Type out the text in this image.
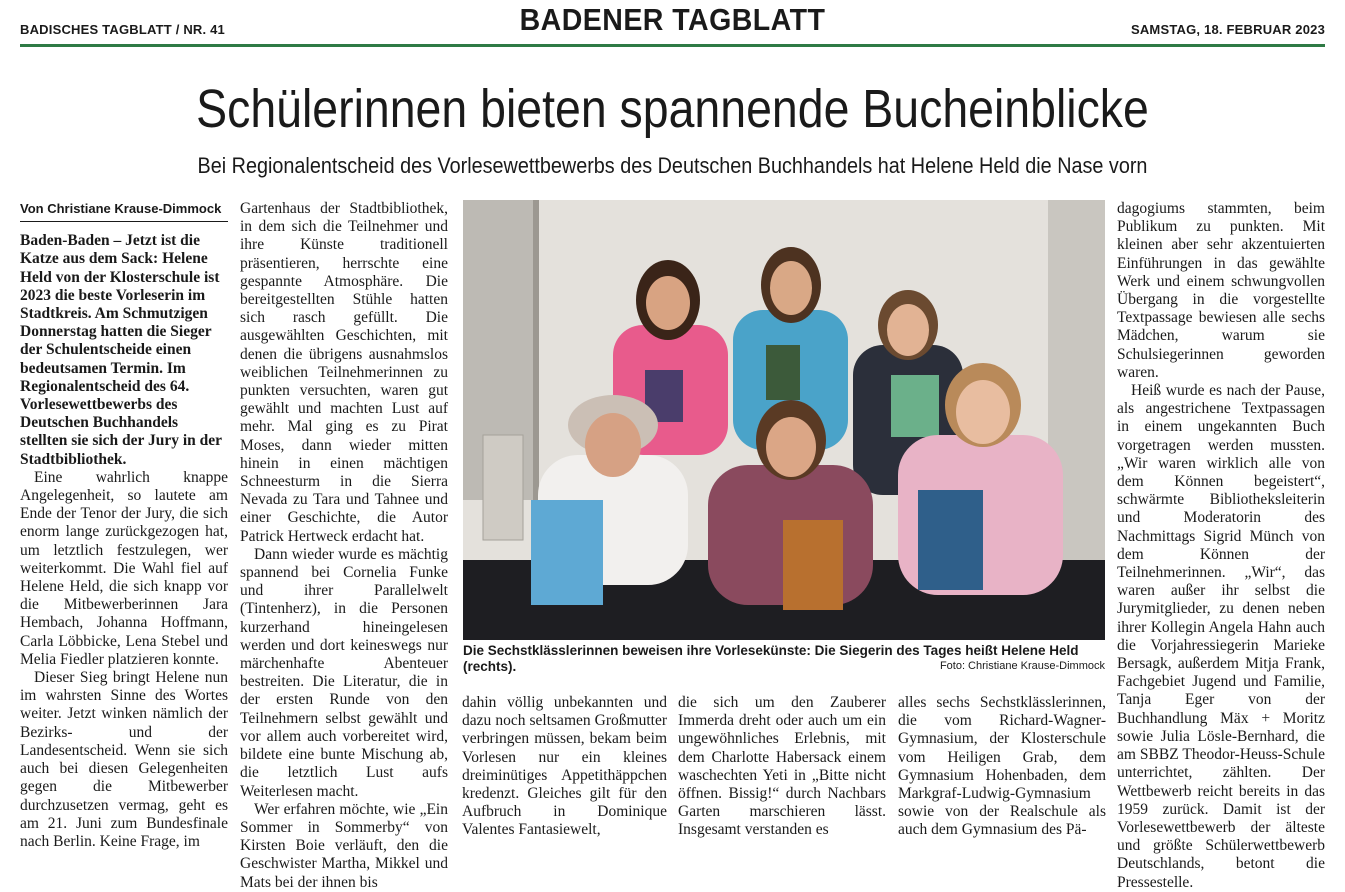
BADISCHES TAGBLATT / NR. 41	BADENER TAGBLATT	SAMSTAG, 18. FEBRUAR 2023
Schülerinnen bieten spannende Bucheinblicke
Bei Regionalentscheid des Vorlesewettbewerbs des Deutschen Buchhandels hat Helene Held die Nase vorn
Von Christiane Krause-Dimmock

Baden-Baden – Jetzt ist die Katze aus dem Sack: Helene Held von der Klosterschule ist 2023 die beste Vorleserin im Stadtkreis. Am Schmutzigen Donnerstag hatten die Sieger der Schulentscheide einen bedeutsamen Termin. Im Regionalentscheid des 64. Vorlesewettbewerbs des Deutschen Buchhandels stellten sie sich der Jury in der Stadtbibliothek.

Eine wahrlich knappe Angelegenheit, so lautete am Ende der Tenor der Jury, die sich enorm lange zurückgezogen hat, um letztlich festzulegen, wer weiterkommt. Die Wahl fiel auf Helene Held, die sich knapp vor die Mitbewerberinnen Jara Hembach, Johanna Hoffmann, Carla Löbbicke, Lena Stebel und Melia Fiedler platzieren konnte.

Dieser Sieg bringt Helene nun im wahrsten Sinne des Wortes weiter. Jetzt winken nämlich der Bezirks- und der Landesentscheid. Wenn sie sich auch bei diesen Gelegenheiten gegen die Mitbewerber durchzusetzen vermag, geht es am 21. Juni zum Bundesfinale nach Berlin. Keine Frage, im

Gartenhaus der Stadtbibliothek, in dem sich die Teilnehmer und ihre Künste traditionell präsentieren, herrschte eine gespannte Atmosphäre. Die bereitgestellten Stühle hatten sich rasch gefüllt. Die ausgewählten Geschichten, mit denen die übrigens ausnahmslos weiblichen Teilnehmerinnen zu punkten versuchten, waren gut gewählt und machten Lust auf mehr. Mal ging es zu Pirat Moses, dann wieder mitten hinein in einen mächtigen Schneesturm in die Sierra Nevada zu Tara und Tahnee und einer Geschichte, die Autor Patrick Hertweck erdacht hat.

Dann wieder wurde es mächtig spannend bei Cornelia Funke und ihrer Parallelwelt (Tintenherz), in die Personen kurzerhand hineingelesen werden und dort keineswegs nur märchenhafte Abenteuer bestreiten. Die Literatur, die in der ersten Runde von den Teilnehmern selbst gewählt und vor allem auch vorbereitet wird, bildete eine bunte Mischung ab, die letztlich Lust aufs Weiterlesen macht.

Wer erfahren möchte, wie „Ein Sommer in Sommerby“ von Kirsten Boie verläuft, den die Geschwister Martha, Mikkel und Mats bei der ihnen bis

Die Sechstklässlerinnen beweisen ihre Vorlesekünste: Die Siegerin des Tages heißt Helene Held (rechts).	Foto: Christiane Krause-Dimmock

dahin völlig unbekannten und dazu noch seltsamen Großmutter verbringen müssen, bekam beim Vorlesen nur ein kleines dreiminütiges Appetithäppchen kredenzt. Gleiches gilt für den Aufbruch in Dominique Valentes Fantasiewelt,

die sich um den Zauberer Immerda dreht oder auch um ein ungewöhnliches Erlebnis, mit dem Charlotte Habersack einem waschechten Yeti in „Bitte nicht öffnen. Bissig!“ durch Nachbars Garten marschieren lässt. Insgesamt verstanden es

alles sechs Sechstklässlerinnen, die vom Richard-Wagner-Gymnasium, der Klosterschule vom Heiligen Grab, dem Gymnasium Hohenbaden, dem Markgraf-Ludwig-Gymnasium sowie von der Realschule als auch dem Gymnasium des Pä-

dagogiums stammten, beim Publikum zu punkten. Mit kleinen aber sehr akzentuierten Einführungen in das gewählte Werk und einem schwungvollen Übergang in die vorgestellte Textpassage bewiesen alle sechs Mädchen, warum sie Schulsiegerinnen geworden waren.

Heiß wurde es nach der Pause, als angestrichene Textpassagen in einem ungekannten Buch vorgetragen werden mussten. „Wir waren wirklich alle von dem Können begeistert“, schwärmte Bibliotheksleiterin und Moderatorin des Nachmittags Sigrid Münch von dem Können der Teilnehmerinnen. „Wir“, das waren außer ihr selbst die Jurymitglieder, zu denen neben ihrer Kollegin Angela Hahn auch die Vorjahressiegerin Marieke Bersagk, außerdem Mitja Frank, Fachgebiet Jugend und Familie, Tanja Eger von der Buchhandlung Mäx + Moritz sowie Julia Lösle-Bernhard, die am SBBZ Theodor-Heuss-Schule unterrichtet, zählten. Der Wettbewerb reicht bereits in das 1959 zurück. Damit ist der Vorlesewettbewerb der älteste und größte Schülerwettbewerb Deutschlands, betont die Pressestelle.
